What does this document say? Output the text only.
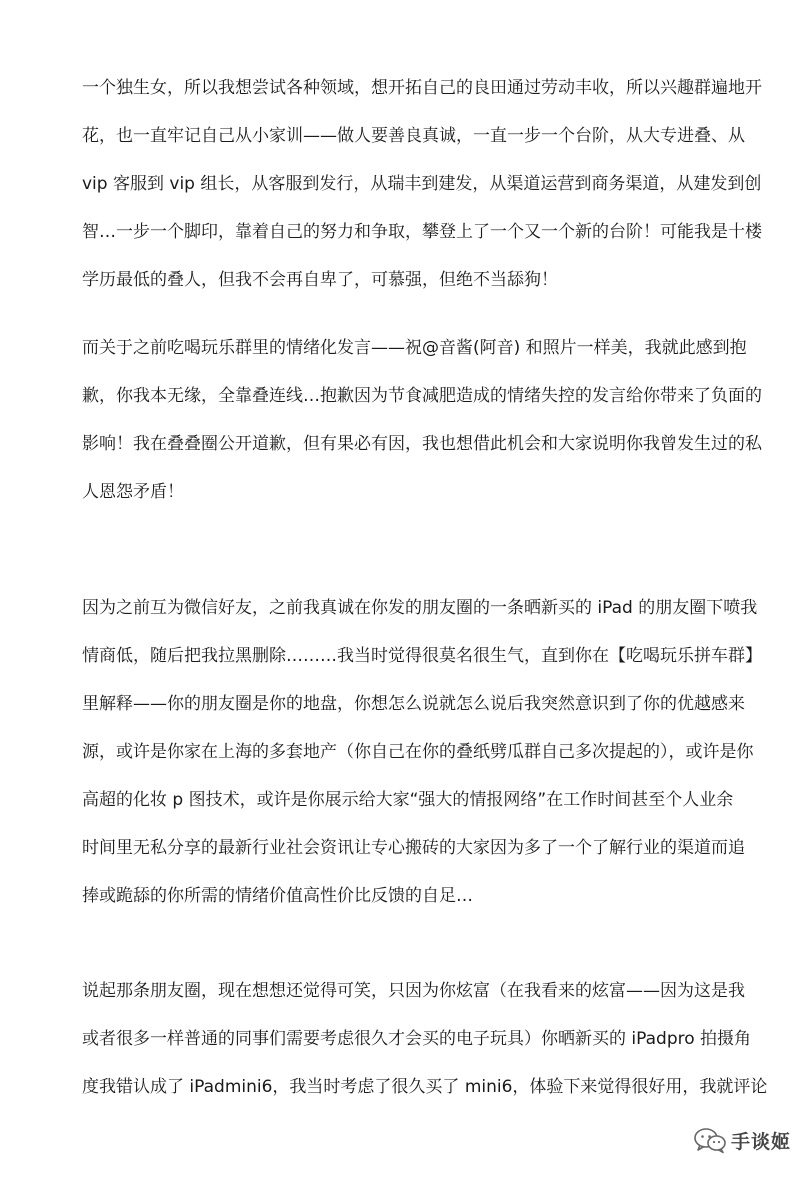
一个独生女，所以我想尝试各种领域，想开拓自己的良田通过劳动丰收，所以兴趣群遍地开
花，也一直牢记自己从小家训——做人要善良真诚，一直一步一个台阶，从大专进叠、从
vip 客服到 vip 组长，从客服到发行，从瑞丰到建发，从渠道运营到商务渠道，从建发到创
智…一步一个脚印，靠着自己的努力和争取，攀登上了一个又一个新的台阶！可能我是十楼
学历最低的叠人，但我不会再自卑了，可慕强，但绝不当舔狗！
而关于之前吃喝玩乐群里的情绪化发言——祝@音酱(阿音) 和照片一样美，我就此感到抱
歉，你我本无缘，全靠叠连线…抱歉因为节食减肥造成的情绪失控的发言给你带来了负面的
影响！我在叠叠圈公开道歉，但有果必有因，我也想借此机会和大家说明你我曾发生过的私
人恩怨矛盾！
因为之前互为微信好友，之前我真诚在你发的朋友圈的一条晒新买的 iPad 的朋友圈下喷我
情商低，随后把我拉黑删除………我当时觉得很莫名很生气，直到你在【吃喝玩乐拼车群】
里解释——你的朋友圈是你的地盘，你想怎么说就怎么说后我突然意识到了你的优越感来
源，或许是你家在上海的多套地产（你自己在你的叠纸劈瓜群自己多次提起的），或许是你
高超的化妆 p 图技术，或许是你展示给大家“强大的情报网络”在工作时间甚至个人业余
时间里无私分享的最新行业社会资讯让专心搬砖的大家因为多了一个了解行业的渠道而追
捧或跪舔的你所需的情绪价值高性价比反馈的自足…
说起那条朋友圈，现在想想还觉得可笑，只因为你炫富（在我看来的炫富——因为这是我
或者很多一样普通的同事们需要考虑很久才会买的电子玩具）你晒新买的 iPadpro 拍摄角
度我错认成了 iPadmini6，我当时考虑了很久买了 mini6，体验下来觉得很好用，我就评论
手谈姬
